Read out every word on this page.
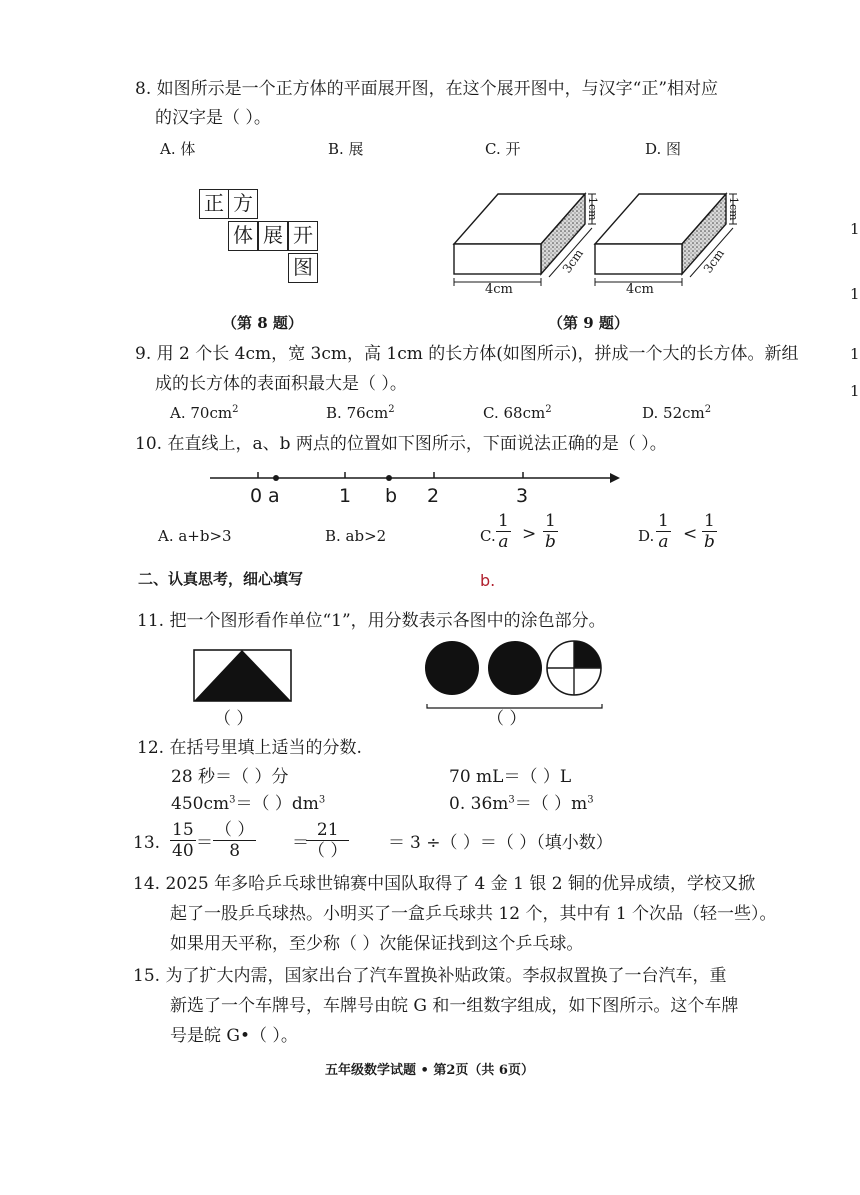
8. 如图所示是一个正方体的平面展开图，在这个展开图中，与汉字“正”相对应
的汉字是（ ）。
A. 体	B. 展	C. 开	D. 图
正 方
体 展 开
图
（第 8 题）
4cm	4cm
3cm	3cm
1cm	1cm
（第 9 题）
9. 用 2 个长 4cm，宽 3cm，高 1cm 的长方体(如图所示)，拼成一个大的长方体。新组
成的长方体的表面积最大是（ ）。
A. $70cm^2$	B. $76cm^2$	C. $68cm^2$	D. $52cm^2$
10. 在直线上，a、b 两点的位置如下图所示，下面说法正确的是（ ）。
0 a	1 b 2	3
A. a+b>3	B. ab>2	C. $\frac{1}{a} > \frac{1}{b}$	D. $\frac{1}{a} < \frac{1}{b}$
二、认真思考，细心填写	b.
11. 把一个图形看作单位“1”，用分数表示各图中的涂色部分。
（ ）	（ ）
12. 在括号里填上适当的分数.
28 秒＝（ ）分	70 mL＝（ ）L
$450cm^3=$（ ）$dm^3$	0. $36m^3=$（ ）$m^3$
13. $\frac{15}{40}$ ＝
（ ）
8	＝
21
（ ） ＝ 3 ÷（ ）＝（ ）（填小数）
14. 2025 年多哈乒乓球世锦赛中国队取得了 4 金 1 银 2 铜的优异成绩，学校又掀
起了一股乒乓球热。小明买了一盒乒乓球共 12 个，其中有 1 个次品（轻一些）。
如果用天平称，至少称（ ）次能保证找到这个乒乓球。
15. 为了扩大内需，国家出台了汽车置换补贴政策。李叔叔置换了一台汽车，重
新选了一个车牌号，车牌号由皖 G 和一组数字组成，如下图所示。这个车牌
号是皖 G•（ ）。
五年级数学试题 • 第2页（共 6页）
1
1
1
1
